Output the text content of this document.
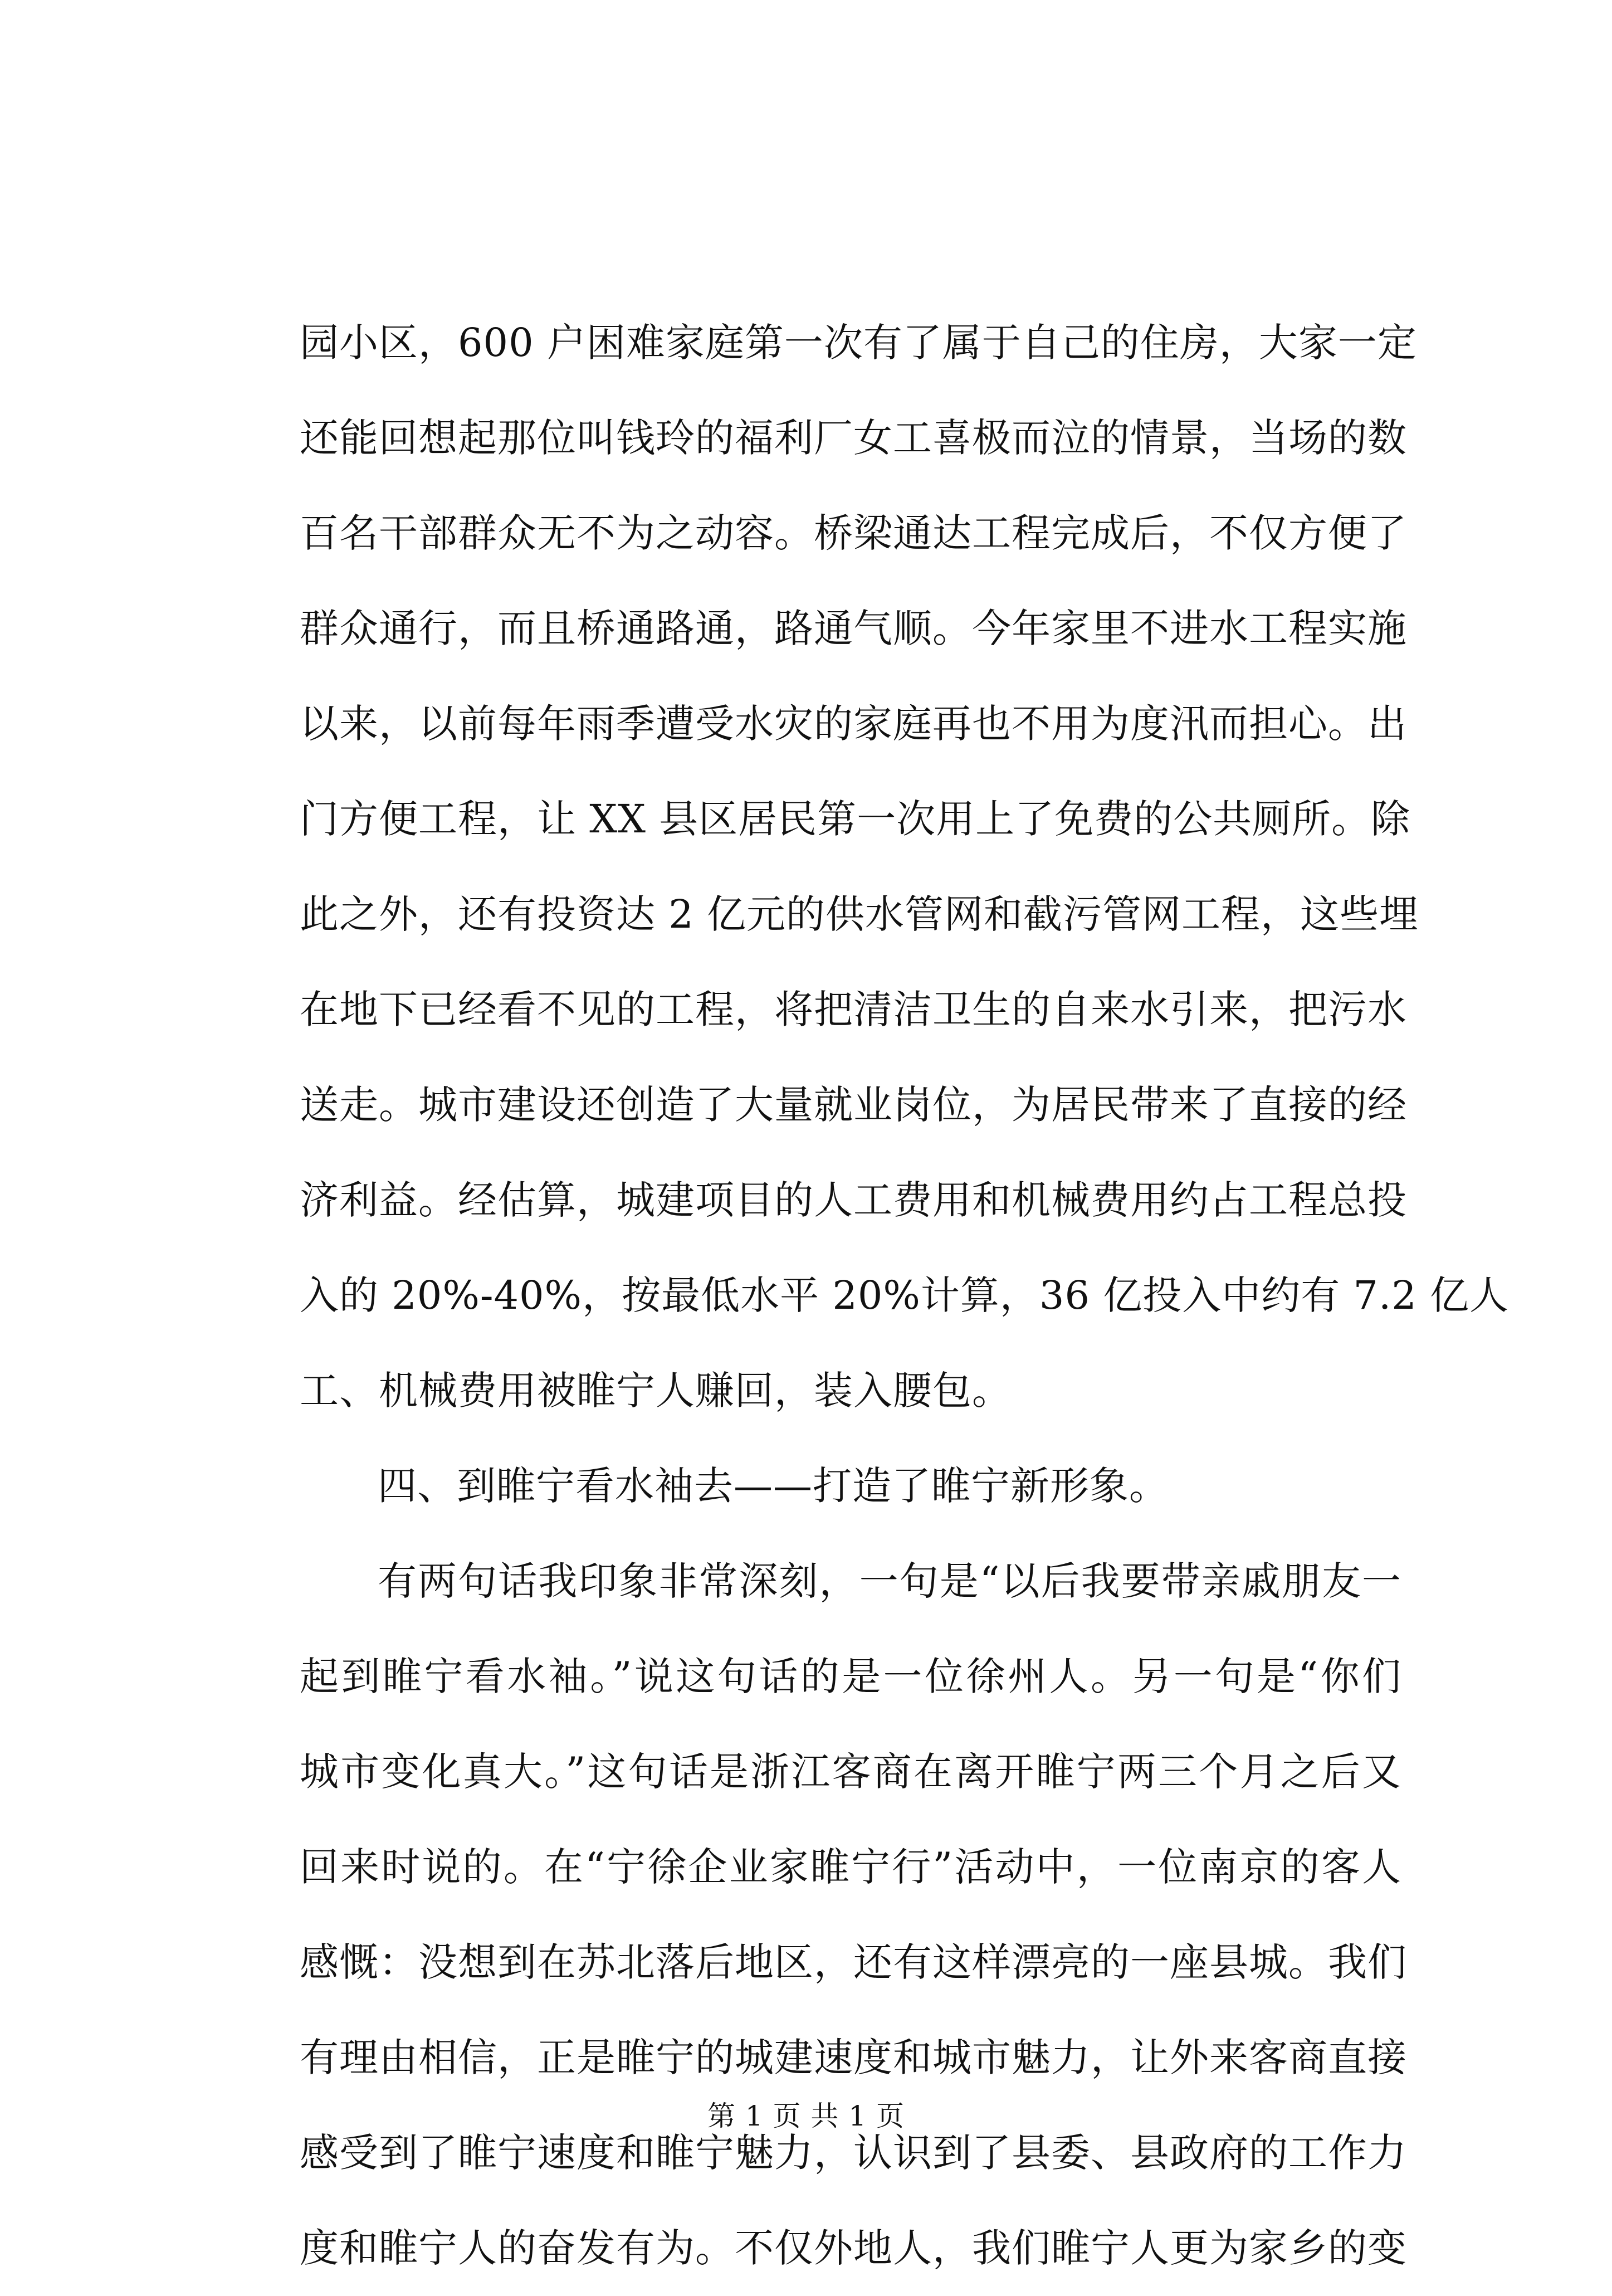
园小区，600 户困难家庭第一次有了属于自己的住房，大家一定
还能回想起那位叫钱玲的福利厂女工喜极而泣的情景，当场的数
百名干部群众无不为之动容。桥梁通达工程完成后，不仅方便了
群众通行，而且桥通路通，路通气顺。今年家里不进水工程实施
以来，以前每年雨季遭受水灾的家庭再也不用为度汛而担心。出
门方便工程，让 XX 县区居民第一次用上了免费的公共厕所。除
此之外，还有投资达 2 亿元的供水管网和截污管网工程，这些埋
在地下已经看不见的工程，将把清洁卫生的自来水引来，把污水
送走。城市建设还创造了大量就业岗位，为居民带来了直接的经
济利益。经估算，城建项目的人工费用和机械费用约占工程总投
入的 20%-40%，按最低水平 20%计算，36 亿投入中约有 7.2 亿人
工、机械费用被睢宁人赚回，装入腰包。
四、到睢宁看水袖去——打造了睢宁新形象。
有两句话我印象非常深刻，一句是“以后我要带亲戚朋友一
起到睢宁看水袖。”说这句话的是一位徐州人。另一句是“你们
城市变化真大。”这句话是浙江客商在离开睢宁两三个月之后又
回来时说的。在“宁徐企业家睢宁行”活动中，一位南京的客人
感慨：没想到在苏北落后地区，还有这样漂亮的一座县城。我们
有理由相信，正是睢宁的城建速度和城市魅力，让外来客商直接
感受到了睢宁速度和睢宁魅力，认识到了县委、县政府的工作力
度和睢宁人的奋发有为。不仅外地人，我们睢宁人更为家乡的变
第 1 页 共 1 页
